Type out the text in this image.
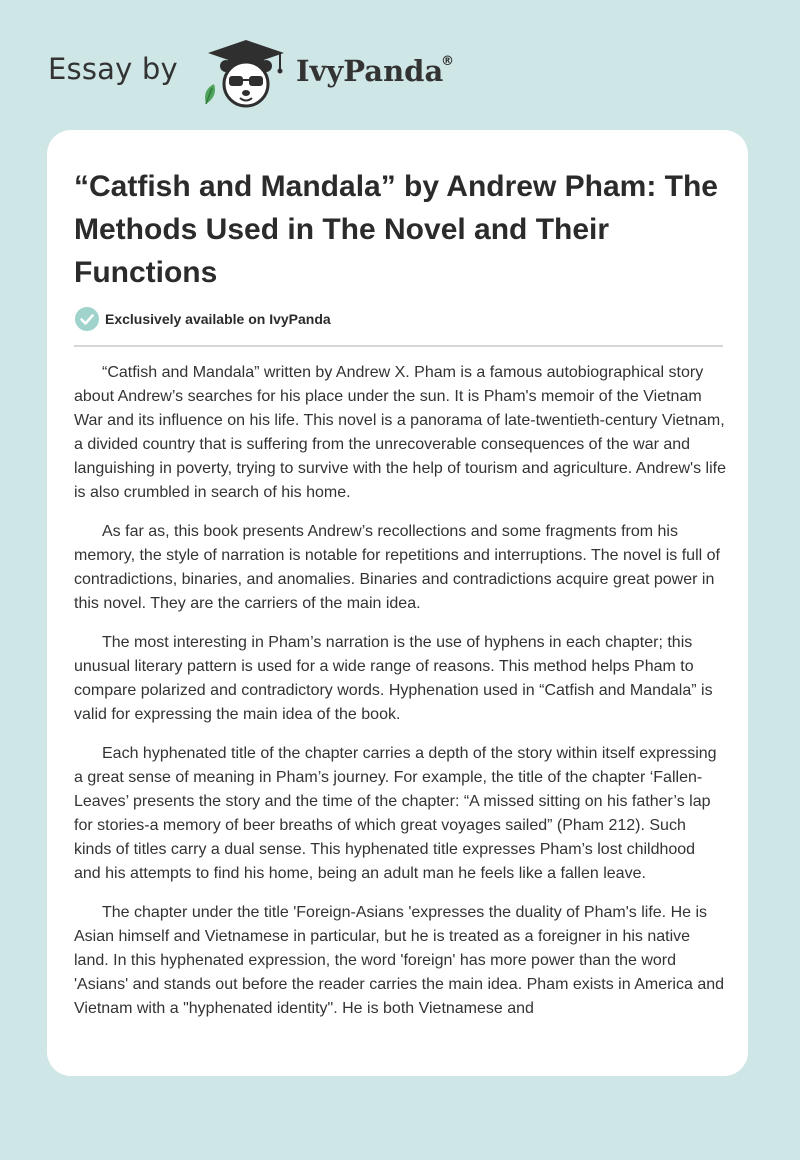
Essay by	IvyPanda
®
“Catfish and Mandala” by Andrew Pham: The Methods Used in The Novel and Their Functions
Exclusively available on IvyPanda

“Catfish and Mandala” written by Andrew X. Pham is a famous autobiographical story about Andrew’s searches for his place under the sun. It is Pham's memoir of the Vietnam War and its influence on his life. This novel is a panorama of late-twentieth-century Vietnam, a divided country that is suffering from the unrecoverable consequences of the war and languishing in poverty, trying to survive with the help of tourism and agriculture. Andrew's life is also crumbled in search of his home.

As far as, this book presents Andrew’s recollections and some fragments from his memory, the style of narration is notable for repetitions and interruptions. The novel is full of contradictions, binaries, and anomalies. Binaries and contradictions acquire great power in this novel. They are the carriers of the main idea.

The most interesting in Pham’s narration is the use of hyphens in each chapter; this unusual literary pattern is used for a wide range of reasons. This method helps Pham to compare polarized and contradictory words. Hyphenation used in “Catfish and Mandala” is valid for expressing the main idea of the book.

Each hyphenated title of the chapter carries a depth of the story within itself expressing a great sense of meaning in Pham’s journey. For example, the title of the chapter ‘Fallen-Leaves’ presents the story and the time of the chapter: “A missed sitting on his father’s lap for stories-a memory of beer breaths of which great voyages sailed” (Pham 212). Such kinds of titles carry a dual sense. This hyphenated title expresses Pham’s lost childhood and his attempts to find his home, being an adult man he feels like a fallen leave.

The chapter under the title 'Foreign-Asians 'expresses the duality of Pham's life. He is Asian himself and Vietnamese in particular, but he is treated as a foreigner in his native land. In this hyphenated expression, the word 'foreign' has more power than the word 'Asians' and stands out before the reader carries the main idea. Pham exists in America and Vietnam with a "hyphenated identity". He is both Vietnamese and
